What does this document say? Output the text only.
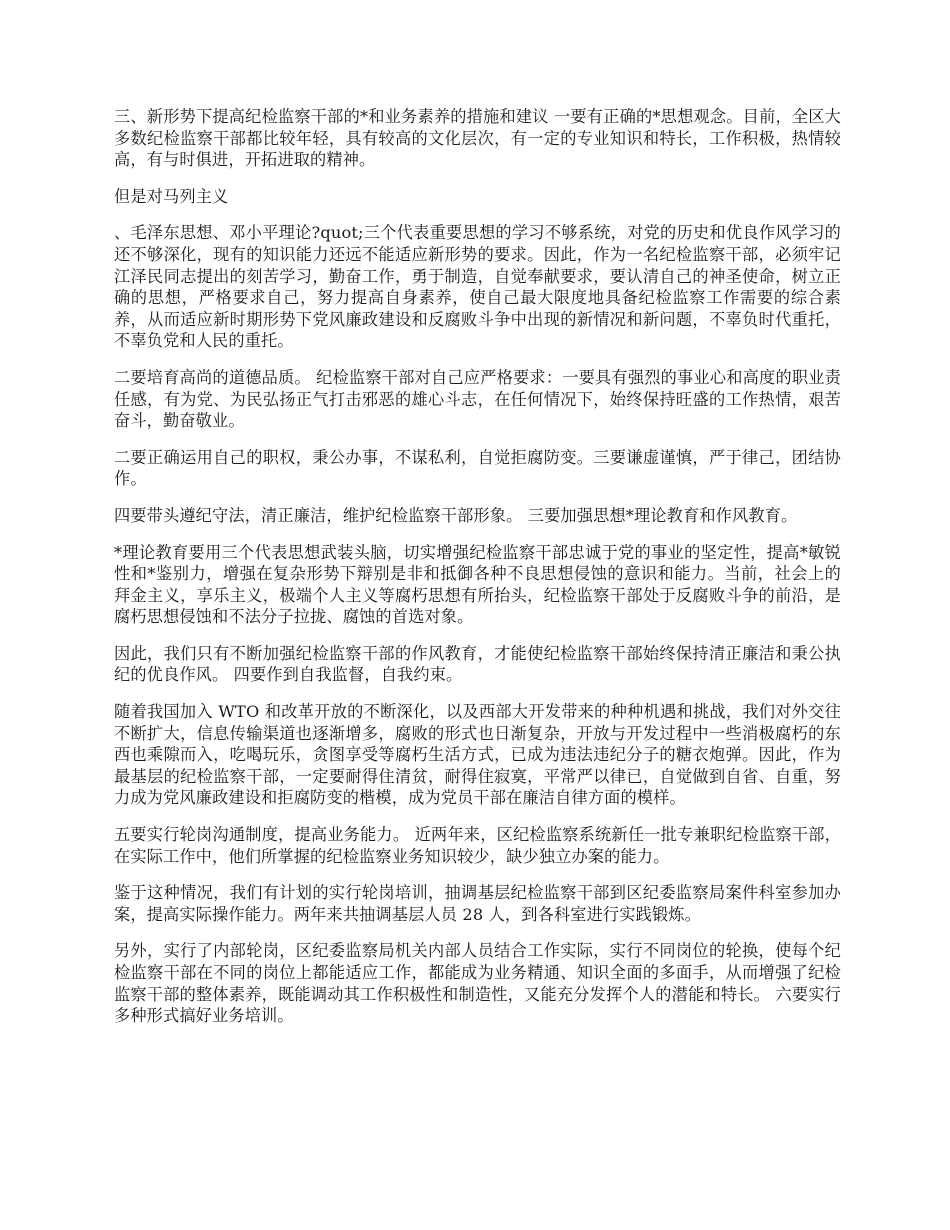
三、新形势下提高纪检监察干部的*和业务素养的措施和建议 一要有正确的*思想观念。目前，全区大多数纪检监察干部都比较年轻，具有较高的文化层次，有一定的专业知识和特长，工作积极，热情较高，有与时俱进，开拓进取的精神。

但是对马列主义

、毛泽东思想、邓小平理论?quot;三个代表重要思想的学习不够系统，对党的历史和优良作风学习的还不够深化，现有的知识能力还远不能适应新形势的要求。因此，作为一名纪检监察干部，必须牢记江泽民同志提出的刻苦学习，勤奋工作，勇于制造，自觉奉献要求，要认清自己的神圣使命，树立正确的思想，严格要求自己，努力提高自身素养，使自己最大限度地具备纪检监察工作需要的综合素养，从而适应新时期形势下党风廉政建设和反腐败斗争中出现的新情况和新问题，不辜负时代重托，不辜负党和人民的重托。

二要培育高尚的道德品质。 纪检监察干部对自己应严格要求：一要具有强烈的事业心和高度的职业责任感，有为党、为民弘扬正气打击邪恶的雄心斗志，在任何情况下，始终保持旺盛的工作热情，艰苦奋斗，勤奋敬业。

二要正确运用自己的职权，秉公办事，不谋私利，自觉拒腐防变。三要谦虚谨慎，严于律己，团结协作。

四要带头遵纪守法，清正廉洁，维护纪检监察干部形象。 三要加强思想*理论教育和作风教育。

*理论教育要用三个代表思想武装头脑，切实增强纪检监察干部忠诚于党的事业的坚定性，提高*敏锐性和*鉴别力，增强在复杂形势下辩别是非和抵御各种不良思想侵蚀的意识和能力。当前，社会上的拜金主义，享乐主义，极端个人主义等腐朽思想有所抬头，纪检监察干部处于反腐败斗争的前沿，是腐朽思想侵蚀和不法分子拉拢、腐蚀的首选对象。

因此，我们只有不断加强纪检监察干部的作风教育，才能使纪检监察干部始终保持清正廉洁和秉公执纪的优良作风。 四要作到自我监督，自我约束。

随着我国加入 WTO 和改革开放的不断深化，以及西部大开发带来的种种机遇和挑战，我们对外交往不断扩大，信息传输渠道也逐渐增多，腐败的形式也日渐复杂，开放与开发过程中一些消极腐朽的东西也乘隙而入，吃喝玩乐，贪图享受等腐朽生活方式，已成为违法违纪分子的糖衣炮弹。因此，作为最基层的纪检监察干部，一定要耐得住清贫，耐得住寂寞，平常严以律已，自觉做到自省、自重，努力成为党风廉政建设和拒腐防变的楷模，成为党员干部在廉洁自律方面的模样。

五要实行轮岗沟通制度，提高业务能力。 近两年来，区纪检监察系统新任一批专兼职纪检监察干部，在实际工作中，他们所掌握的纪检监察业务知识较少，缺少独立办案的能力。

鉴于这种情况，我们有计划的实行轮岗培训，抽调基层纪检监察干部到区纪委监察局案件科室参加办案，提高实际操作能力。两年来共抽调基层人员 28 人，到各科室进行实践锻炼。

另外，实行了内部轮岗，区纪委监察局机关内部人员结合工作实际，实行不同岗位的轮换，使每个纪检监察干部在不同的岗位上都能适应工作，都能成为业务精通、知识全面的多面手，从而增强了纪检监察干部的整体素养，既能调动其工作积极性和制造性，又能充分发挥个人的潜能和特长。 六要实行多种形式搞好业务培训。
